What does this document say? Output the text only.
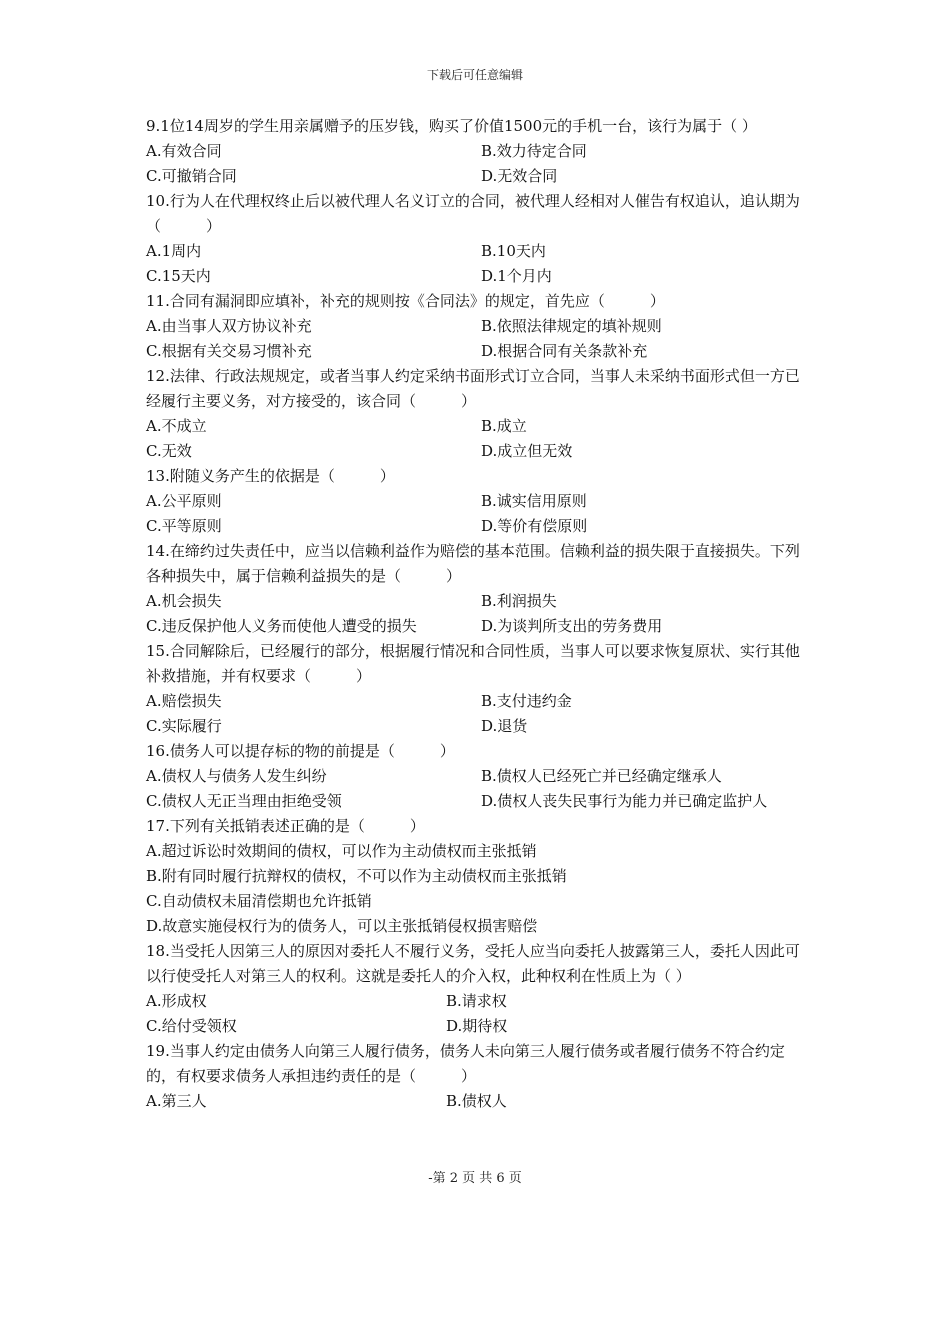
下载后可任意编辑

9.1位14周岁的学生用亲属赠予的压岁钱，购买了价值1500元的手机一台，该行为属于（ ）

A.有效合同	B.效力待定合同
C.可撤销合同	D.无效合同

10.行为人在代理权终止后以被代理人名义订立的合同，被代理人经相对人催告有权追认，追认期为（　　　）

A.1周内	B.10天内
C.15天内	D.1个月内

11.合同有漏洞即应填补，补充的规则按《合同法》的规定，首先应（　　　）

A.由当事人双方协议补充	B.依照法律规定的填补规则
C.根据有关交易习惯补充	D.根据合同有关条款补充

12.法律、行政法规规定，或者当事人约定采纳书面形式订立合同，当事人未采纳书面形式但一方已经履行主要义务，对方接受的，该合同（　　　）

A.不成立	B.成立
C.无效	D.成立但无效

13.附随义务产生的依据是（　　　）

A.公平原则	B.诚实信用原则
C.平等原则	D.等价有偿原则

14.在缔约过失责任中，应当以信赖利益作为赔偿的基本范围。信赖利益的损失限于直接损失。下列各种损失中，属于信赖利益损失的是（　　　）

A.机会损失	B.利润损失
C.违反保护他人义务而使他人遭受的损失	D.为谈判所支出的劳务费用

15.合同解除后，已经履行的部分，根据履行情况和合同性质，当事人可以要求恢复原状、实行其他补救措施，并有权要求（　　　）

A.赔偿损失	B.支付违约金
C.实际履行	D.退货

16.债务人可以提存标的物的前提是（　　　）

A.债权人与债务人发生纠纷	B.债权人已经死亡并已经确定继承人
C.债权人无正当理由拒绝受领	D.债权人丧失民事行为能力并已确定监护人

17.下列有关抵销表述正确的是（　　　）

A.超过诉讼时效期间的债权，可以作为主动债权而主张抵销

B.附有同时履行抗辩权的债权，不可以作为主动债权而主张抵销

C.自动债权未届清偿期也允许抵销

D.故意实施侵权行为的债务人，可以主张抵销侵权损害赔偿

18.当受托人因第三人的原因对委托人不履行义务，受托人应当向委托人披露第三人，委托人因此可以行使受托人对第三人的权利。这就是委托人的介入权，此种权利在性质上为（ ）

A.形成权	B.请求权
C.给付受领权	D.期待权

19.当事人约定由债务人向第三人履行债务，债务人未向第三人履行债务或者履行债务不符合约定的，有权要求债务人承担违约责任的是（　　　）

A.第三人	B.债权人
-第 2 页 共 6 页
